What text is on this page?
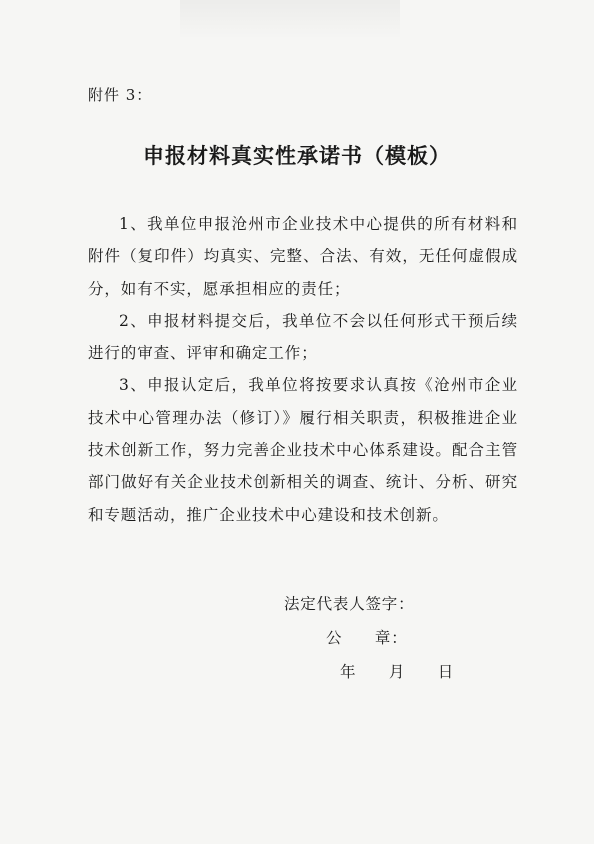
附件 3：
申报材料真实性承诺书（模板）

1、我单位申报沧州市企业技术中心提供的所有材料和附件（复印件）均真实、完整、合法、有效，无任何虚假成分，如有不实，愿承担相应的责任；

2、申报材料提交后，我单位不会以任何形式干预后续进行的审查、评审和确定工作；

3、申报认定后，我单位将按要求认真按《沧州市企业技术中心管理办法（修订）》履行相关职责，积极推进企业技术创新工作，努力完善企业技术中心体系建设。配合主管部门做好有关企业技术创新相关的调查、统计、分析、研究和专题活动，推广企业技术中心建设和技术创新。

法定代表人签字：
公　　章：
年　　月　　日
